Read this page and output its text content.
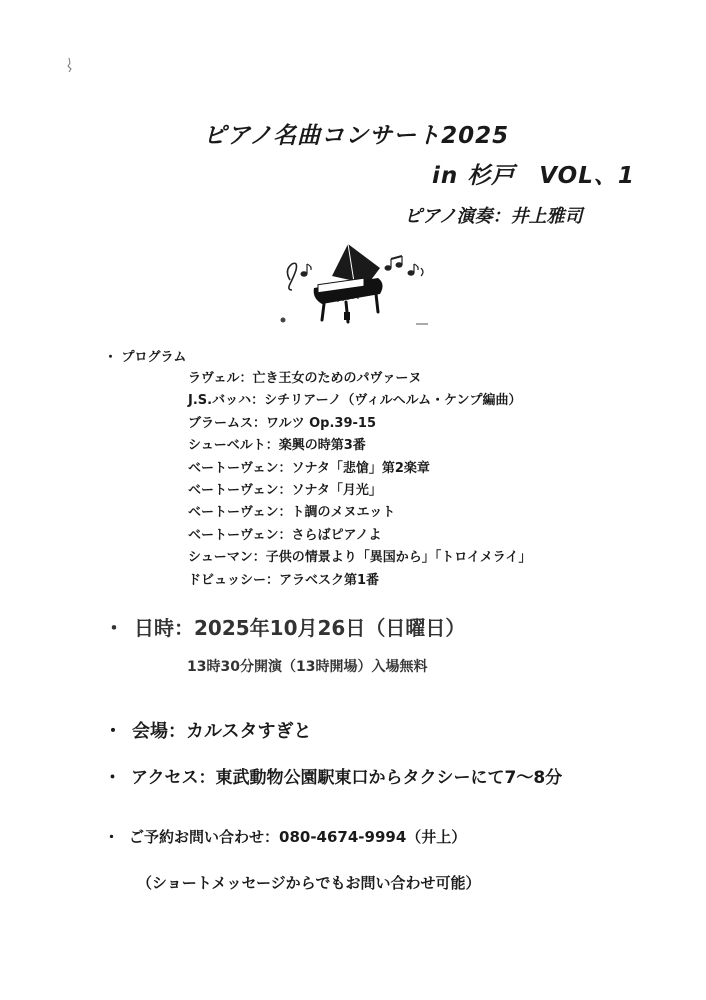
ピアノ名曲コンサート2025
in 杉戸　VOL、1
ピアノ演奏：井上雅司
・ プログラム
ラヴェル：亡き王女のためのパヴァーヌ
J.S.バッハ：シチリアーノ（ヴィルヘルム・ケンプ編曲）
ブラームス：ワルツ Op.39-15
シューベルト：楽興の時第3番
ベートーヴェン：ソナタ「悲愴」第2楽章
ベートーヴェン：ソナタ「月光」
ベートーヴェン：ト調のメヌエット
ベートーヴェン：さらばピアノよ
シューマン：子供の情景より「異国から」「トロイメライ」
ドビュッシー：アラベスク第1番
・ 日時：2025年10月26日（日曜日）
13時30分開演（13時開場）入場無料
・ 会場：カルスタすぎと
・ アクセス：東武動物公園駅東口からタクシーにて7～8分
・ ご予約お問い合わせ：080-4674-9994（井上）
（ショートメッセージからでもお問い合わせ可能）
